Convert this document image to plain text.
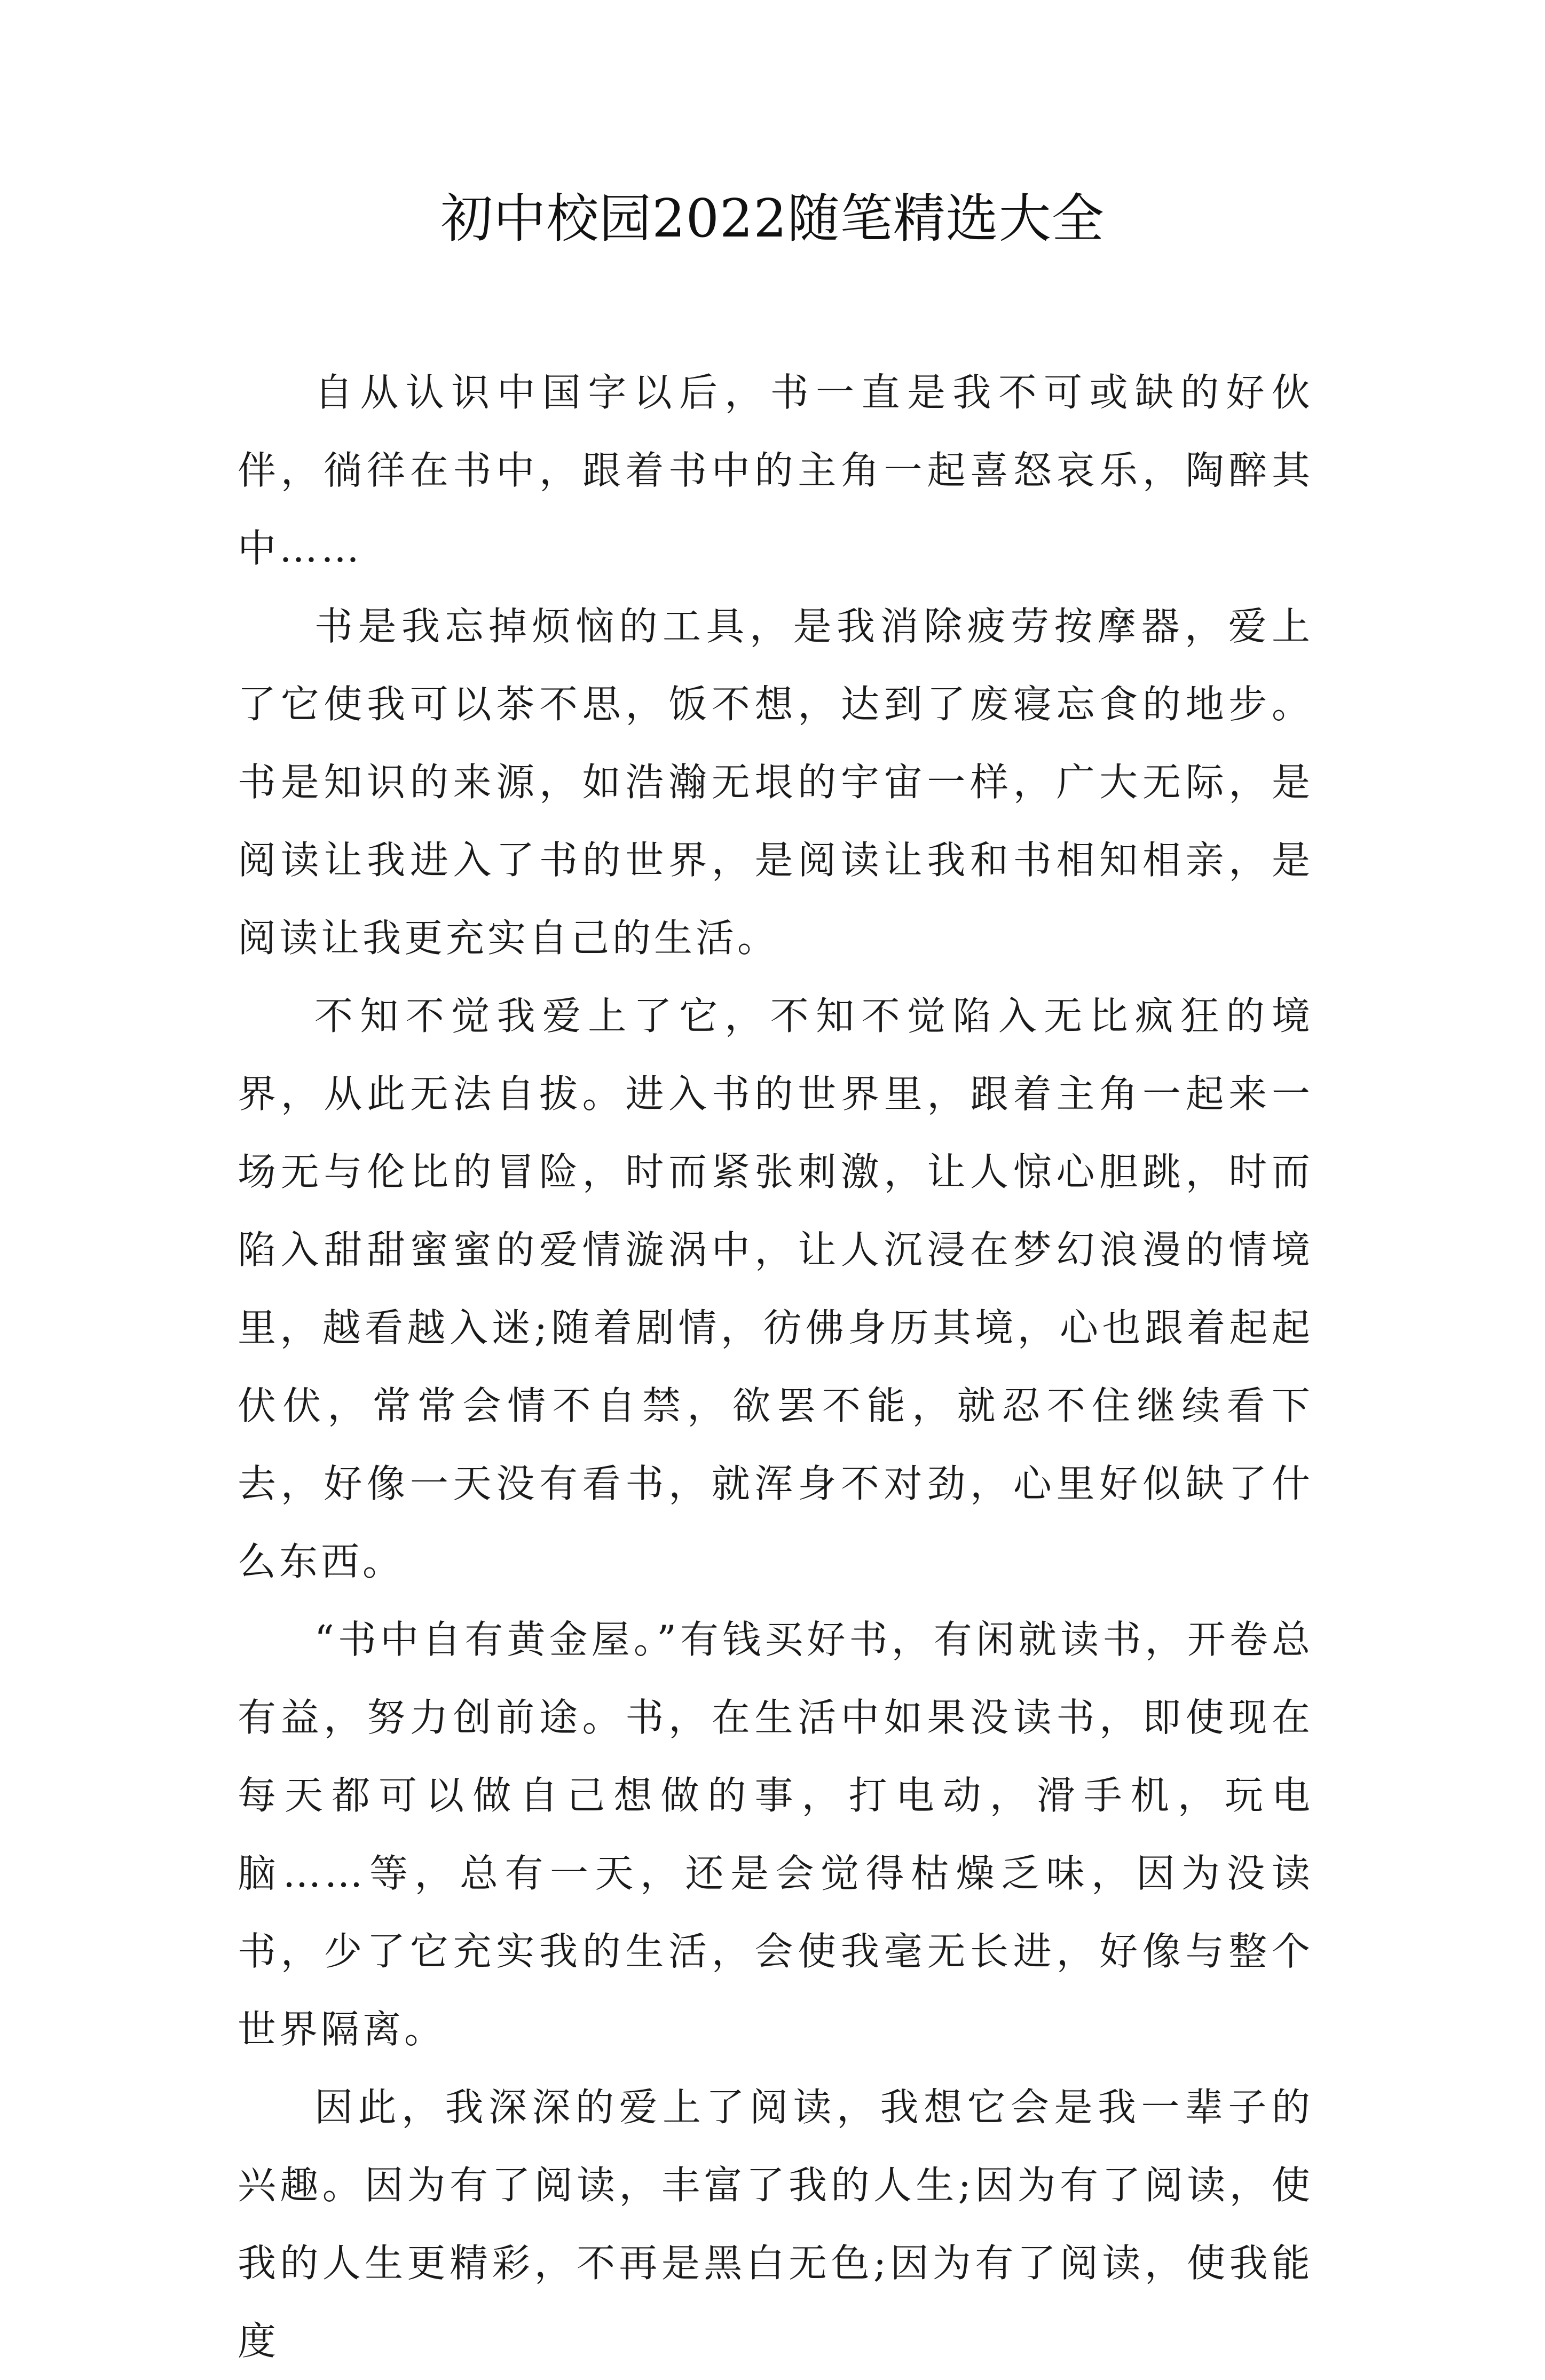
初中校园2022随笔精选大全

自从认识中国字以后，书一直是我不可或缺的好伙伴，徜徉在书中，跟着书中的主角一起喜怒哀乐，陶醉其中……

书是我忘掉烦恼的工具，是我消除疲劳按摩器，爱上了它使我可以茶不思，饭不想，达到了废寝忘食的地步。书是知识的来源，如浩瀚无垠的宇宙一样，广大无际，是阅读让我进入了书的世界，是阅读让我和书相知相亲，是阅读让我更充实自己的生活。

不知不觉我爱上了它，不知不觉陷入无比疯狂的境界，从此无法自拔。进入书的世界里，跟着主角一起来一场无与伦比的冒险，时而紧张刺激，让人惊心胆跳，时而陷入甜甜蜜蜜的爱情漩涡中，让人沉浸在梦幻浪漫的情境里，越看越入迷;随着剧情，彷佛身历其境，心也跟着起起伏伏，常常会情不自禁，欲罢不能，就忍不住继续看下去，好像一天没有看书，就浑身不对劲，心里好似缺了什么东西。

“书中自有黄金屋。”有钱买好书，有闲就读书，开卷总有益，努力创前途。书，在生活中如果没读书，即使现在每天都可以做自己想做的事，打电动，滑手机，玩电脑……等，总有一天，还是会觉得枯燥乏味，因为没读书，少了它充实我的生活，会使我毫无长进，好像与整个世界隔离。

因此，我深深的爱上了阅读，我想它会是我一辈子的兴趣。因为有了阅读，丰富了我的人生;因为有了阅读，使我的人生更精彩，不再是黑白无色;因为有了阅读，使我能度
